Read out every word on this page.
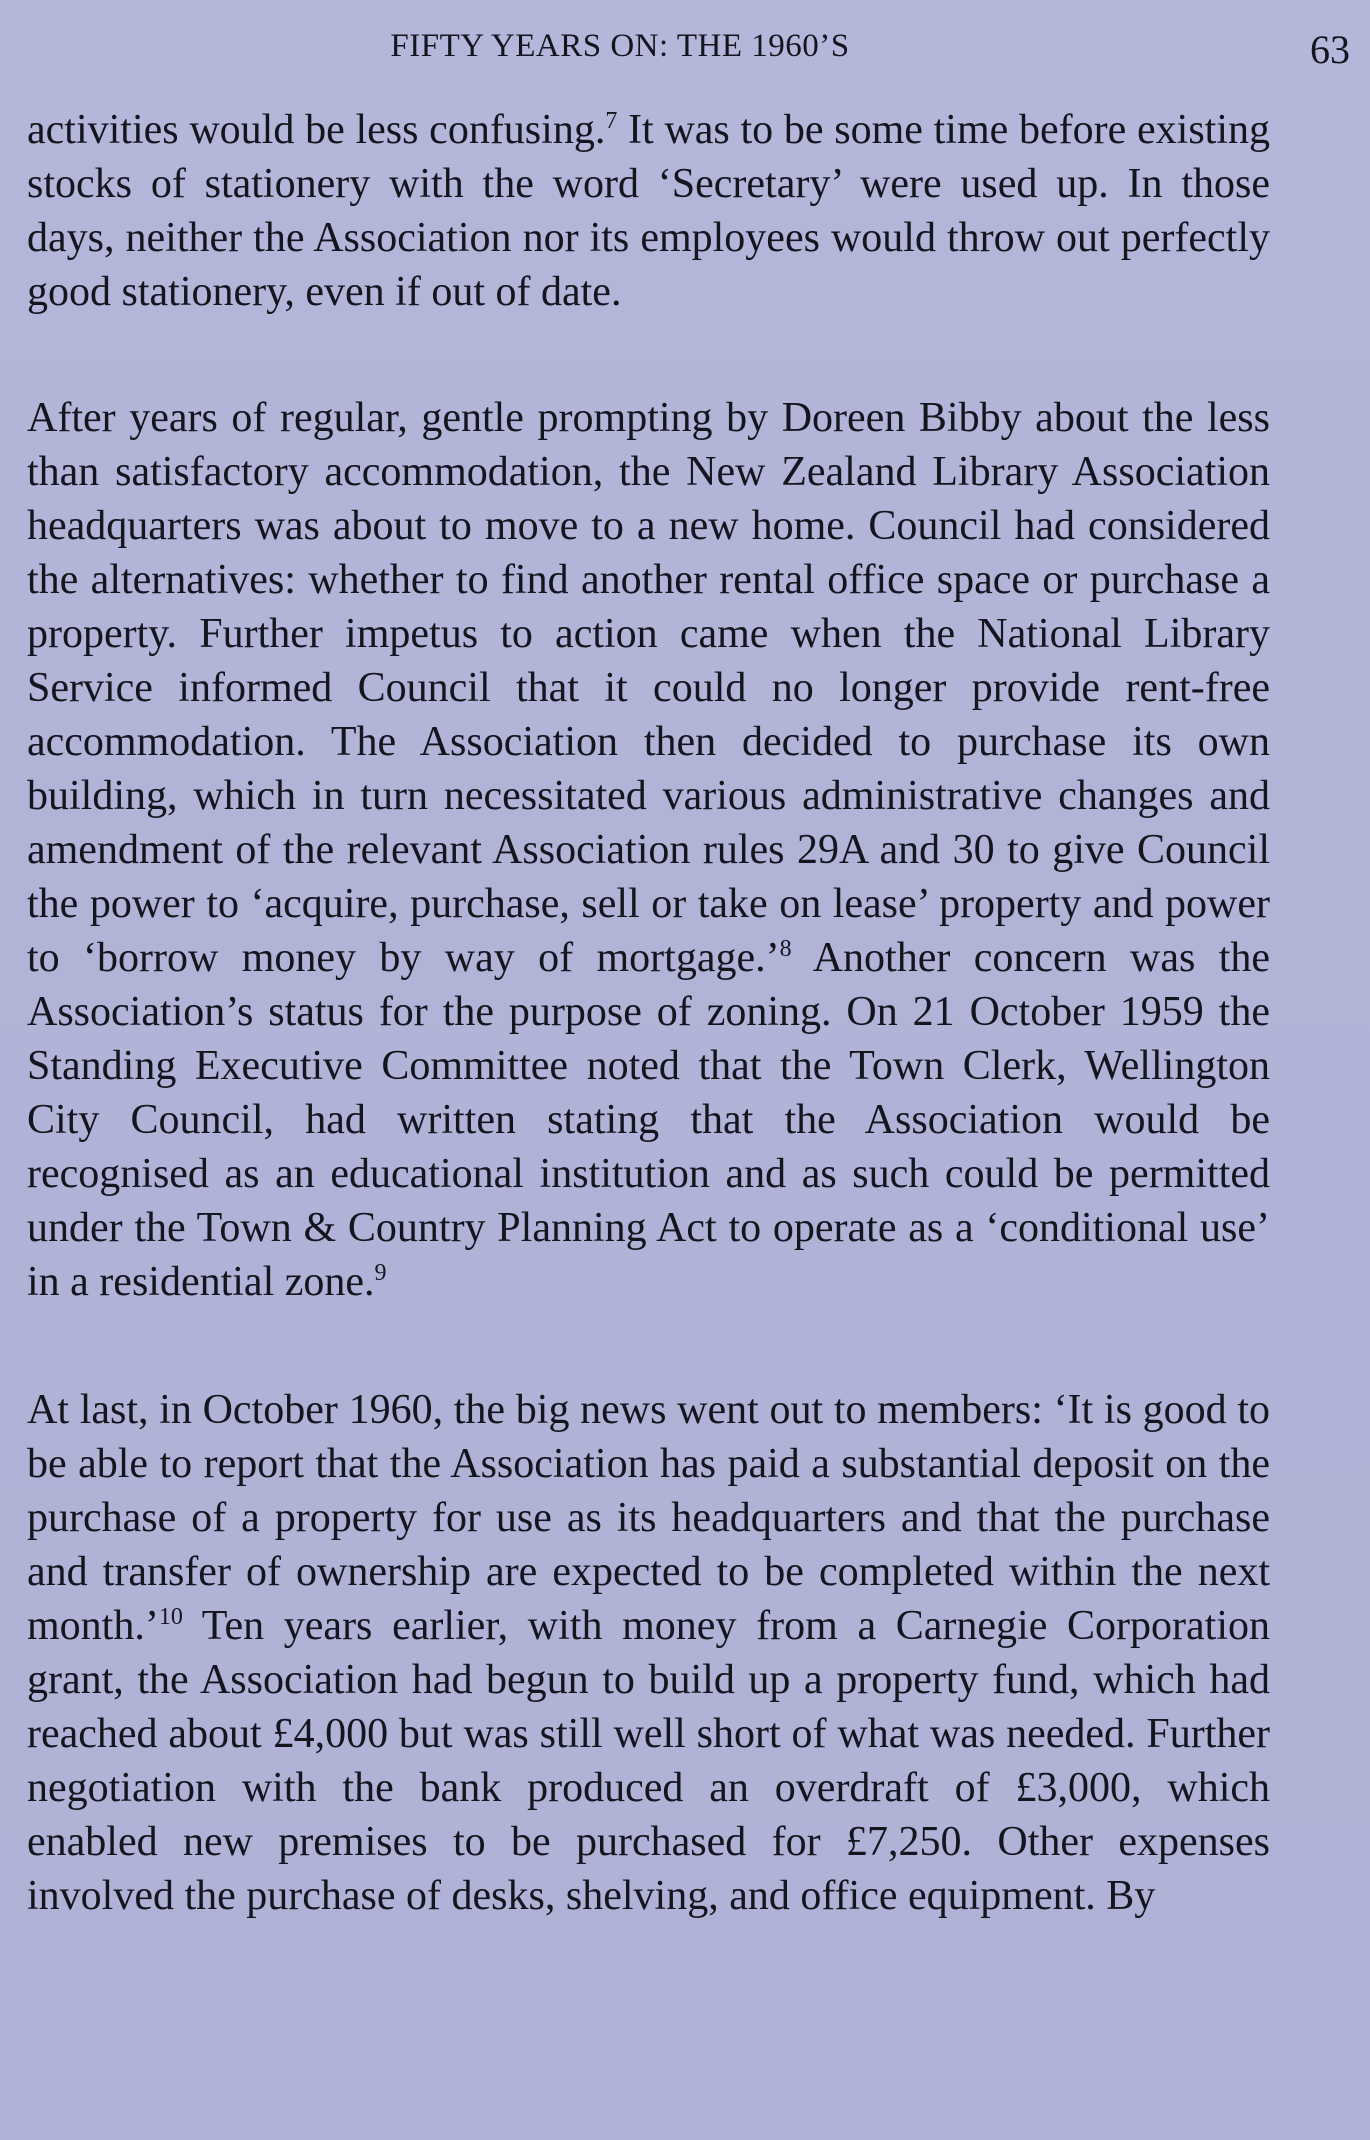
FIFTY YEARS ON: THE 1960’S	63

activities would be less confusing.$^7$ It was to be some time before existing stocks of stationery with the word ‘Secretary’ were used up. In those days, neither the Association nor its employees would throw out perfectly good stationery, even if out of date.

After years of regular, gentle prompting by Doreen Bibby about the less than satisfactory accommodation, the New Zealand Library Association headquarters was about to move to a new home. Council had considered the alternatives: whether to find another rental office space or purchase a property. Further impetus to action came when the National Library Service informed Council that it could no longer provide rent-free accommodation. The Association then decided to purchase its own building, which in turn necessitated various administrative changes and amendment of the relevant Association rules 29A and 30 to give Council the power to ‘acquire, purchase, sell or take on lease’ property and power to ‘borrow money by way of mortgage.’$^8$ Another concern was the Association’s status for the purpose of zoning. On 21 October 1959 the Standing Executive Committee noted that the Town Clerk, Wellington City Council, had written stating that the Association would be recognised as an educational institution and as such could be permitted under the Town & Country Planning Act to operate as a ‘conditional use’ in a residential zone.$^9$

At last, in October 1960, the big news went out to members: ‘It is good to be able to report that the Association has paid a substantial deposit on the purchase of a property for use as its headquarters and that the purchase and transfer of ownership are expected to be completed within the next month.’$^{10}$ Ten years earlier, with money from a Carnegie Corporation grant, the Association had begun to build up a property fund, which had reached about £4,000 but was still well short of what was needed. Further negotiation with the bank produced an overdraft of £3,000, which enabled new premises to be purchased for £7,250. Other expenses involved the purchase of desks, shelving, and office equipment. By
